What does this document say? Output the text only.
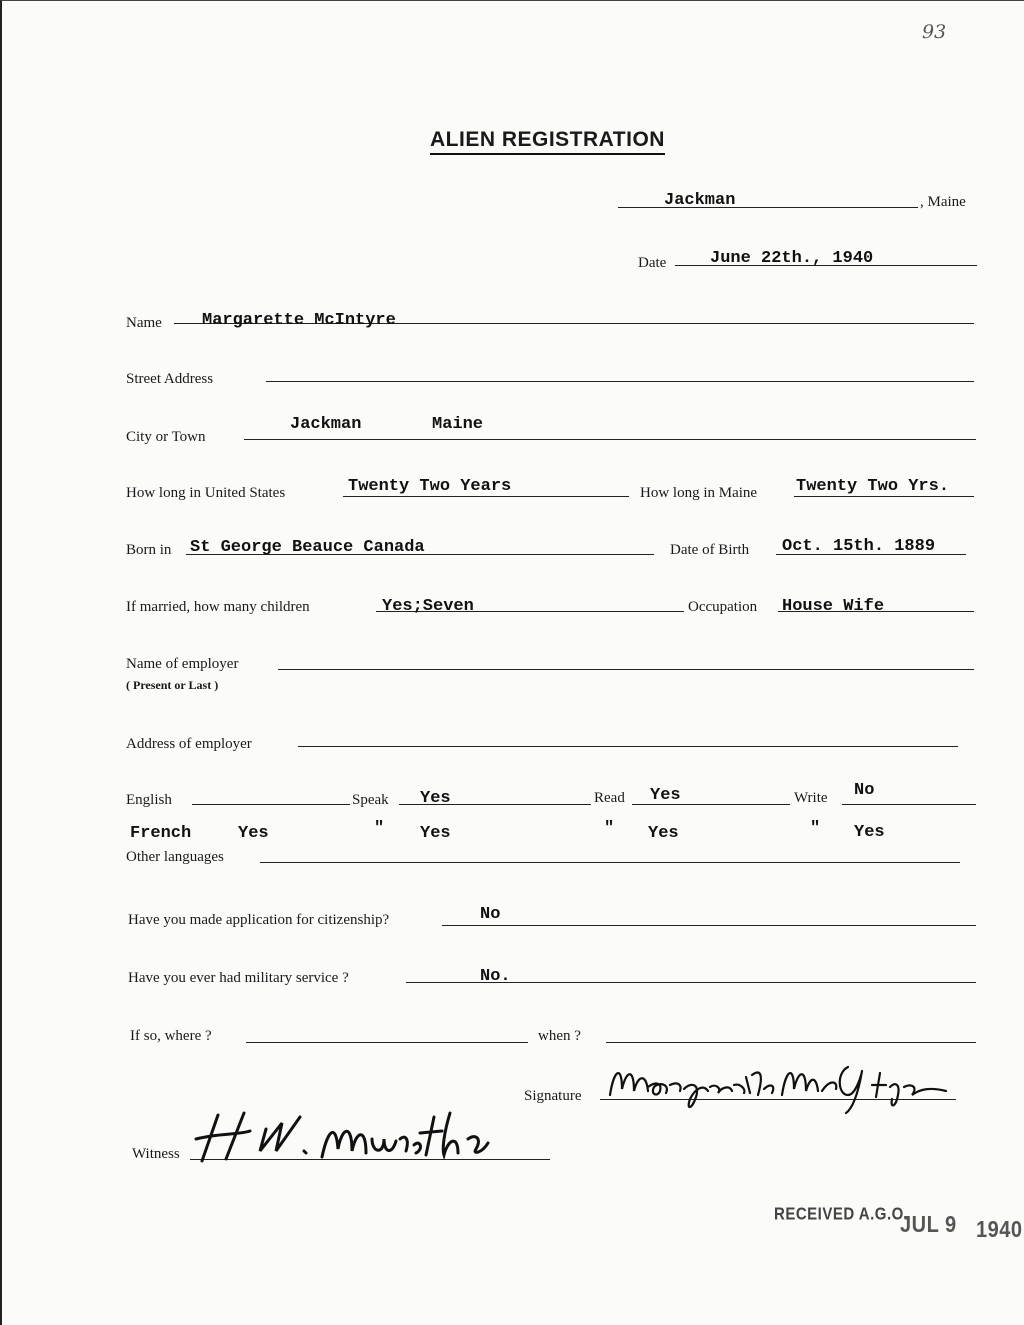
93
ALIEN REGISTRATION
Jackman	, Maine
Date	June 22th., 1940
Name Margarette McIntyre
Street Address
City or Town
Jackman	Maine
How long in United States	Twenty Two Years	How long in Maine Twenty Two Yrs.
Born in St George Beauce Canada	Date of Birth Oct. 15th. 1889
If married, how many children	Yes;Seven	Occupation House Wife
Name of employer
( Present or Last )
Address of employer
English	Speak Yes	Read Yes	Write No
French	Yes	" Yes	" Yes	" Yes
Other languages
Have you made application for citizenship?	No
Have you ever had military service ?	No.
If so, where ?	when ?
Signature
Witness
RECEIVED A.G.O.
JUL 9 1940
